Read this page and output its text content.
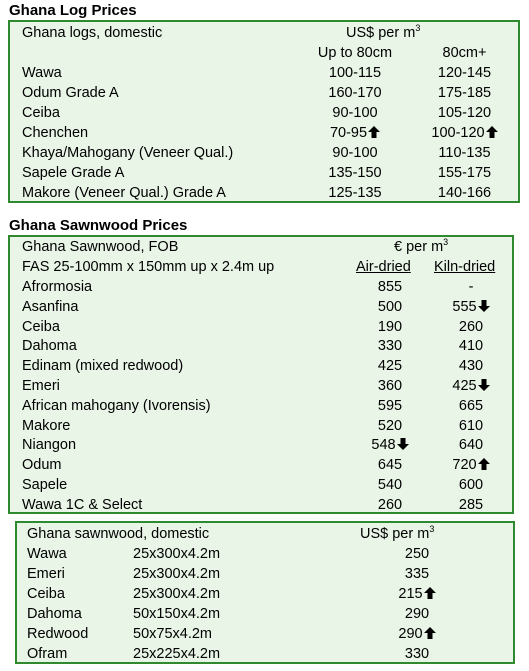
Ghana Log Prices
Ghana logs, domestic	US$ per $m^3$
Up to 80cm	80cm+
Wawa	100-115	120-145
Odum Grade A	160-170	175-185
Ceiba	90-100	105-120
Chenchen	70-95	100-120
Khaya/Mahogany (Veneer Qual.)	90-100	110-135
Sapele Grade A	135-150	155-175
Makore (Veneer Qual.) Grade A	125-135	140-166
Ghana Sawnwood Prices
Ghana Sawnwood, FOB	€ per $m^3$
FAS 25-100mm x 150mm up x 2.4m up	Air-dried Kiln-dried
Afrormosia	855	-
Asanfina	500	555
Ceiba	190	260
Dahoma	330	410
Edinam (mixed redwood)	425	430
Emeri	360	425
African mahogany (Ivorensis)	595	665
Makore	520	610
Niangon	548	640
Odum	645	720
Sapele	540	600
Wawa 1C & Select	260	285
Ghana sawnwood, domestic	US$ per $m^3$
Wawa	25x300x4.2m	250
Emeri	25x300x4.2m	335
Ceiba	25x300x4.2m	215
Dahoma	50x150x4.2m	290
Redwood	50x75x4.2m	290
Ofram	25x225x4.2m	330
